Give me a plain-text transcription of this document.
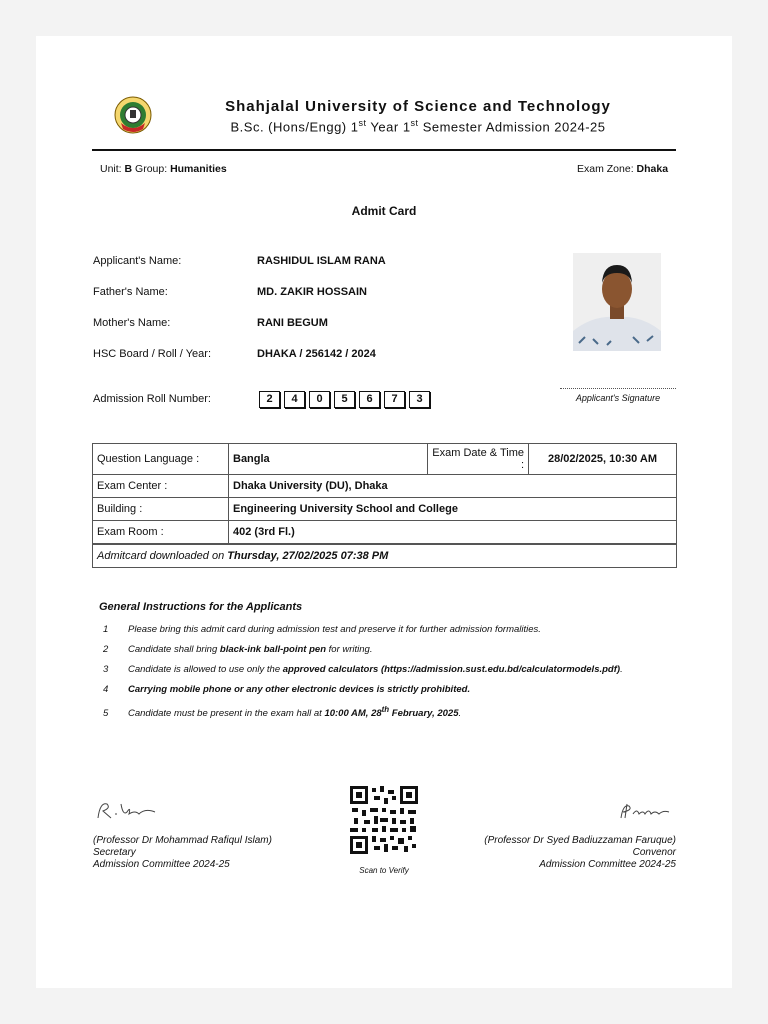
Shahjalal University of Science and Technology
B.Sc. (Hons/Engg) 1st Year 1st Semester Admission 2024-25
Unit: B Group: Humanities	Exam Zone: Dhaka
Admit Card
Applicant's Name:	RASHIDUL ISLAM RANA
Father's Name:	MD. ZAKIR HOSSAIN
Mother's Name:	RANI BEGUM
HSC Board / Roll / Year:	DHAKA / 256142 / 2024
Admission Roll Number:	2	4	0	5	6	7	3	Applicant's Signature
Question Language :	Bangla	Exam Date & Time :	28/02/2025, 10:30 AM
Exam Center :	Dhaka University (DU), Dhaka		
Building :	Engineering University School and College		
Exam Room :	402 (3rd Fl.)		
Admitcard downloaded on Thursday, 27/02/2025 07:38 PM			
General Instructions for the Applicants
1 Please bring this admit card during admission test and preserve it for further admission formalities.
2 Candidate shall bring black-ink ball-point pen for writing.
3 Candidate is allowed to use only the approved calculators (https://admission.sust.edu.bd/calculatormodels.pdf).
4 Carrying mobile phone or any other electronic devices is strictly prohibited.
5 Candidate must be present in the exam hall at 10:00 AM, 28th February, 2025.
(Professor Dr Mohammad Rafiqul Islam)
Secretary
Admission Committee 2024-25
(Professor Dr Syed Badiuzzaman Faruque)
Convenor
Admission Committee 2024-25
Scan to Verify
